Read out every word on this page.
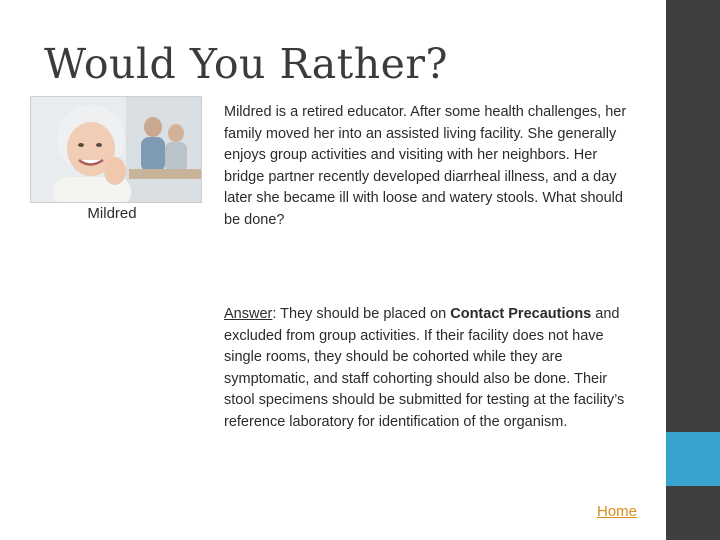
Would You Rather?
Mildred
Mildred is a retired educator. After some health challenges, her family moved her into an assisted living facility. She generally enjoys group activities and visiting with her neighbors. Her bridge partner recently developed diarrheal illness, and a day later she became ill with loose and watery stools. What should be done?
Answer: They should be placed on Contact Precautions and excluded from group activities. If their facility does not have single rooms, they should be cohorted while they are symptomatic, and staff cohorting should also be done. Their stool specimens should be submitted for testing at the facility’s reference laboratory for identification of the organism.
Home
